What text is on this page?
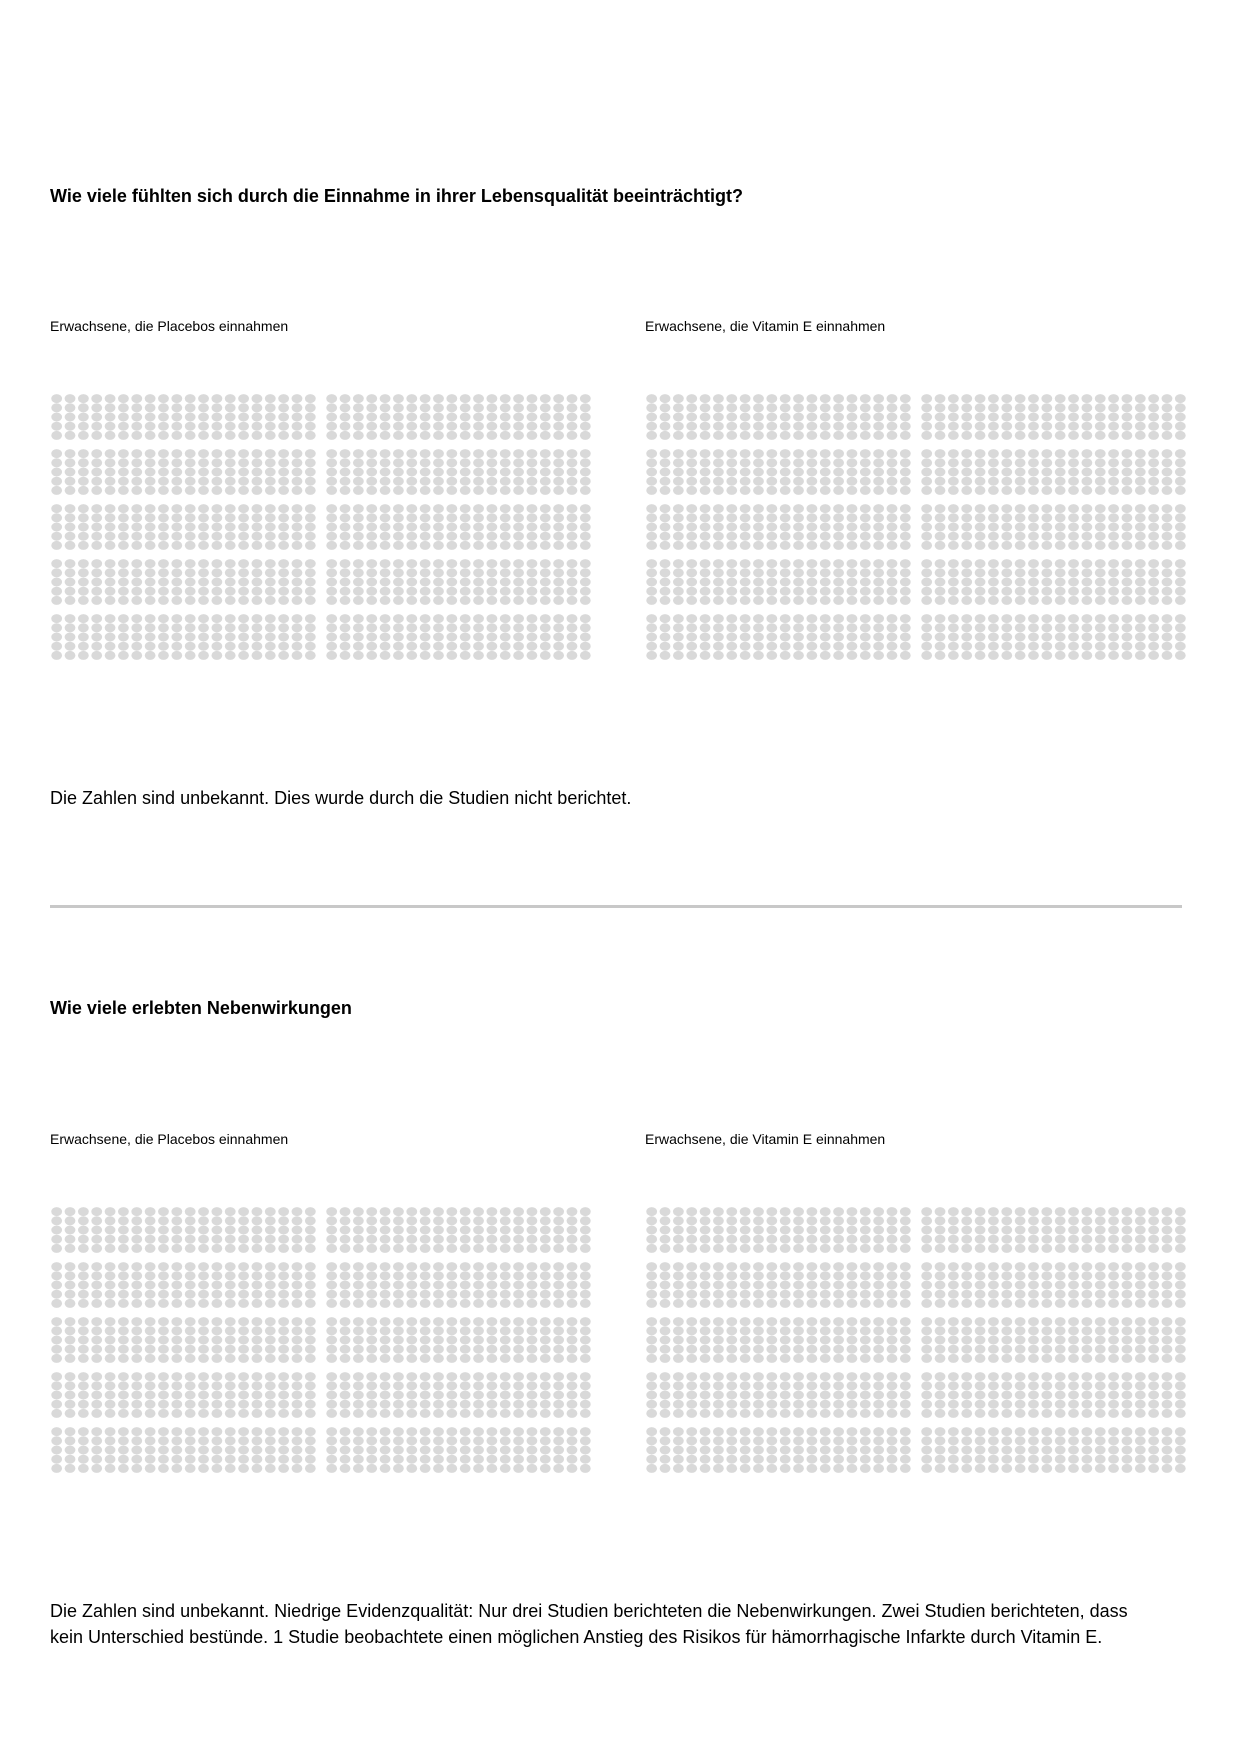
Wie viele fühlten sich durch die Einnahme in ihrer Lebensqualität beeinträchtigt?
Erwachsene, die Placebos einnahmen	Erwachsene, die Vitamin E einnahmen

Die Zahlen sind unbekannt. Dies wurde durch die Studien nicht berichtet.

Wie viele erlebten Nebenwirkungen
Erwachsene, die Placebos einnahmen	Erwachsene, die Vitamin E einnahmen

Die Zahlen sind unbekannt. Niedrige Evidenzqualität: Nur drei Studien berichteten die Nebenwirkungen. Zwei Studien berichteten, dass
kein Unterschied bestünde. 1 Studie beobachtete einen möglichen Anstieg des Risikos für hämorrhagische Infarkte durch Vitamin E.
